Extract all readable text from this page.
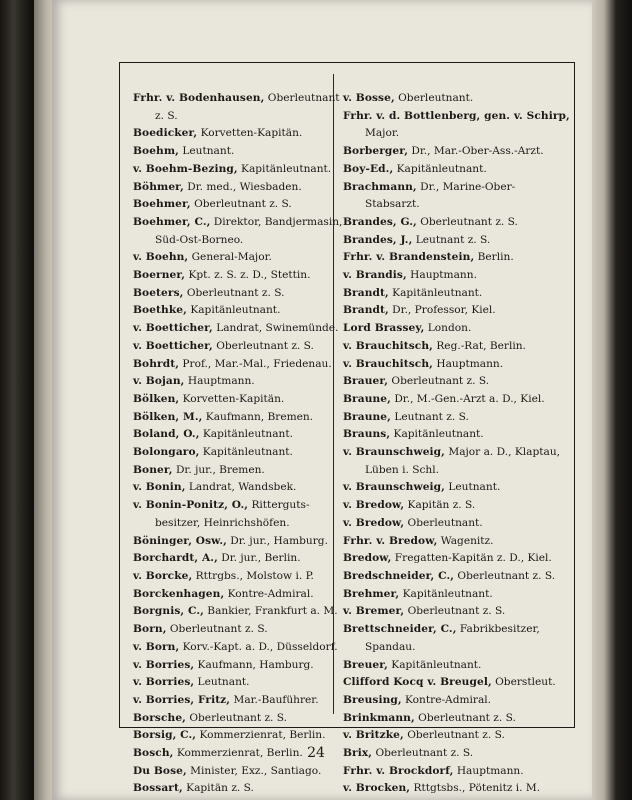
Frhr. v. Bodenhausen, Oberleutnant
z. S.
Boedicker, Korvetten-Kapitän.
Boehm, Leutnant.
v. Boehm-Bezing, Kapitänleutnant.
Böhmer, Dr. med., Wiesbaden.
Boehmer, Oberleutnant z. S.
Boehmer, C., Direktor, Bandjermasin,
Süd-Ost-Borneo.
v. Boehn, General-Major.
Boerner, Kpt. z. S. z. D., Stettin.
Boeters, Oberleutnant z. S.
Boethke, Kapitänleutnant.
v. Boetticher, Landrat, Swinemünde.
v. Boetticher, Oberleutnant z. S.
Bohrdt, Prof., Mar.-Mal., Friedenau.
v. Bojan, Hauptmann.
Bölken, Korvetten-Kapitän.
Bölken, M., Kaufmann, Bremen.
Boland, O., Kapitänleutnant.
Bolongaro, Kapitänleutnant.
Boner, Dr. jur., Bremen.
v. Bonin, Landrat, Wandsbek.
v. Bonin-Ponitz, O., Ritterguts-
besitzer, Heinrichshöfen.
Böninger, Osw., Dr. jur., Hamburg.
Borchardt, A., Dr. jur., Berlin.
v. Borcke, Rttrgbs., Molstow i. P.
Borckenhagen, Kontre-Admiral.
Borgnis, C., Bankier, Frankfurt a. M.
Born, Oberleutnant z. S.
v. Born, Korv.-Kapt. a. D., Düsseldorf.
v. Borries, Kaufmann, Hamburg.
v. Borries, Leutnant.
v. Borries, Fritz, Mar.-Bauführer.
Borsche, Oberleutnant z. S.
Borsig, C., Kommerzienrat, Berlin.
Bosch, Kommerzienrat, Berlin.
Du Bose, Minister, Exz., Santiago.
Bossart, Kapitän z. S.
v. Bosse, Oberleutnant.
Frhr. v. d. Bottlenberg, gen. v. Schirp,
Major.
Borberger, Dr., Mar.-Ober-Ass.-Arzt.
Boy-Ed., Kapitänleutnant.
Brachmann, Dr., Marine-Ober-
Stabsarzt.
Brandes, G., Oberleutnant z. S.
Brandes, J., Leutnant z. S.
Frhr. v. Brandenstein, Berlin.
v. Brandis, Hauptmann.
Brandt, Kapitänleutnant.
Brandt, Dr., Professor, Kiel.
Lord Brassey, London.
v. Brauchitsch, Reg.-Rat, Berlin.
v. Brauchitsch, Hauptmann.
Brauer, Oberleutnant z. S.
Braune, Dr., M.-Gen.-Arzt a. D., Kiel.
Braune, Leutnant z. S.
Brauns, Kapitänleutnant.
v. Braunschweig, Major a. D., Klaptau,
Lüben i. Schl.
v. Braunschweig, Leutnant.
v. Bredow, Kapitän z. S.
v. Bredow, Oberleutnant.
Frhr. v. Bredow, Wagenitz.
Bredow, Fregatten-Kapitän z. D., Kiel.
Bredschneider, C., Oberleutnant z. S.
Brehmer, Kapitänleutnant.
v. Bremer, Oberleutnant z. S.
Brettschneider, C., Fabrikbesitzer,
Spandau.
Breuer, Kapitänleutnant.
Clifford Kocq v. Breugel, Oberstleut.
Breusing, Kontre-Admiral.
Brinkmann, Oberleutnant z. S.
v. Britzke, Oberleutnant z. S.
Brix, Oberleutnant z. S.
Frhr. v. Brockdorf, Hauptmann.
v. Brocken, Rttgtsbs., Pötenitz i. M.
24
